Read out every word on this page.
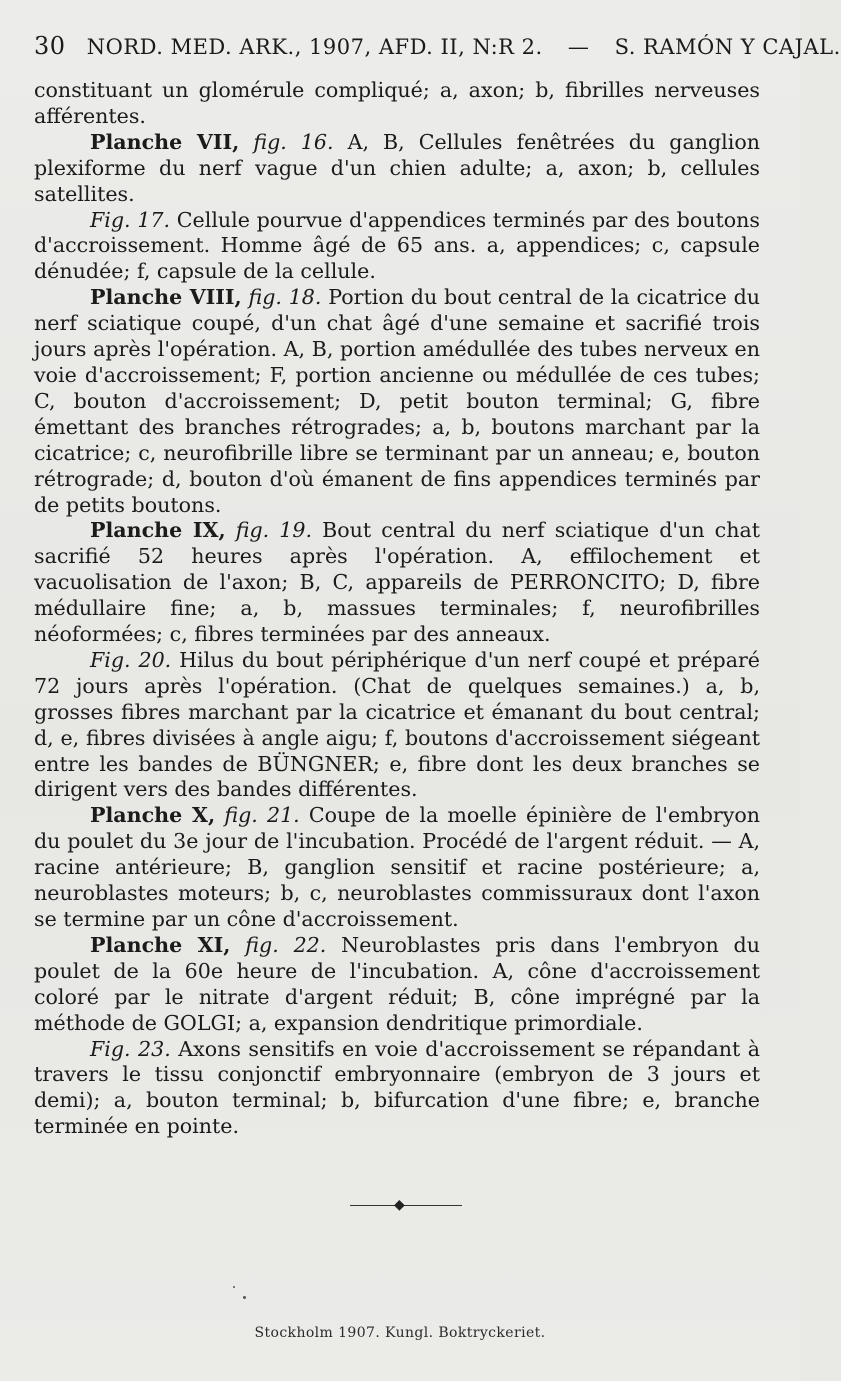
30 NORD. MED. ARK., 1907, AFD. II, N:R 2. — S. RAMÓN Y CAJAL.

constituant un glomérule compliqué; a, axon; b, fibrilles nerveuses afférentes.

Planche VII, fig. 16. A, B, Cellules fenêtrées du ganglion plexiforme du nerf vague d'un chien adulte; a, axon; b, cellules satellites.

Fig. 17. Cellule pourvue d'appendices terminés par des boutons d'accroissement. Homme âgé de 65 ans. a, appendices; c, capsule dénudée; f, capsule de la cellule.

Planche VIII, fig. 18. Portion du bout central de la cicatrice du nerf sciatique coupé, d'un chat âgé d'une semaine et sacrifié trois jours après l'opération. A, B, portion amédullée des tubes nerveux en voie d'accroissement; F, portion ancienne ou médullée de ces tubes; C, bouton d'accroissement; D, petit bouton terminal; G, fibre émettant des branches rétrogrades; a, b, boutons marchant par la cicatrice; c, neurofibrille libre se terminant par un anneau; e, bouton rétrograde; d, bouton d'où émanent de fins appendices terminés par de petits boutons.

Planche IX, fig. 19. Bout central du nerf sciatique d'un chat sacrifié 52 heures après l'opération. A, effilochement et vacuolisation de l'axon; B, C, appareils de PERRONCITO; D, fibre médullaire fine; a, b, massues terminales; f, neurofibrilles néoformées; c, fibres terminées par des anneaux.

Fig. 20. Hilus du bout périphérique d'un nerf coupé et préparé 72 jours après l'opération. (Chat de quelques semaines.) a, b, grosses fibres marchant par la cicatrice et émanant du bout central; d, e, fibres divisées à angle aigu; f, boutons d'accroissement siégeant entre les bandes de BÜNGNER; e, fibre dont les deux branches se dirigent vers des bandes différentes.

Planche X, fig. 21. Coupe de la moelle épinière de l'embryon du poulet du 3e jour de l'incubation. Procédé de l'argent réduit. — A, racine antérieure; B, ganglion sensitif et racine postérieure; a, neuroblastes moteurs; b, c, neuroblastes commissuraux dont l'axon se termine par un cône d'accroissement.

Planche XI, fig. 22. Neuroblastes pris dans l'embryon du poulet de la 60e heure de l'incubation. A, cône d'accroissement coloré par le nitrate d'argent réduit; B, cône imprégné par la méthode de GOLGI; a, expansion dendritique primordiale.

Fig. 23. Axons sensitifs en voie d'accroissement se répandant à travers le tissu conjonctif embryonnaire (embryon de 3 jours et demi); a, bouton terminal; b, bifurcation d'une fibre; e, branche terminée en pointe.

◆
Stockholm 1907. Kungl. Boktryckeriet.
